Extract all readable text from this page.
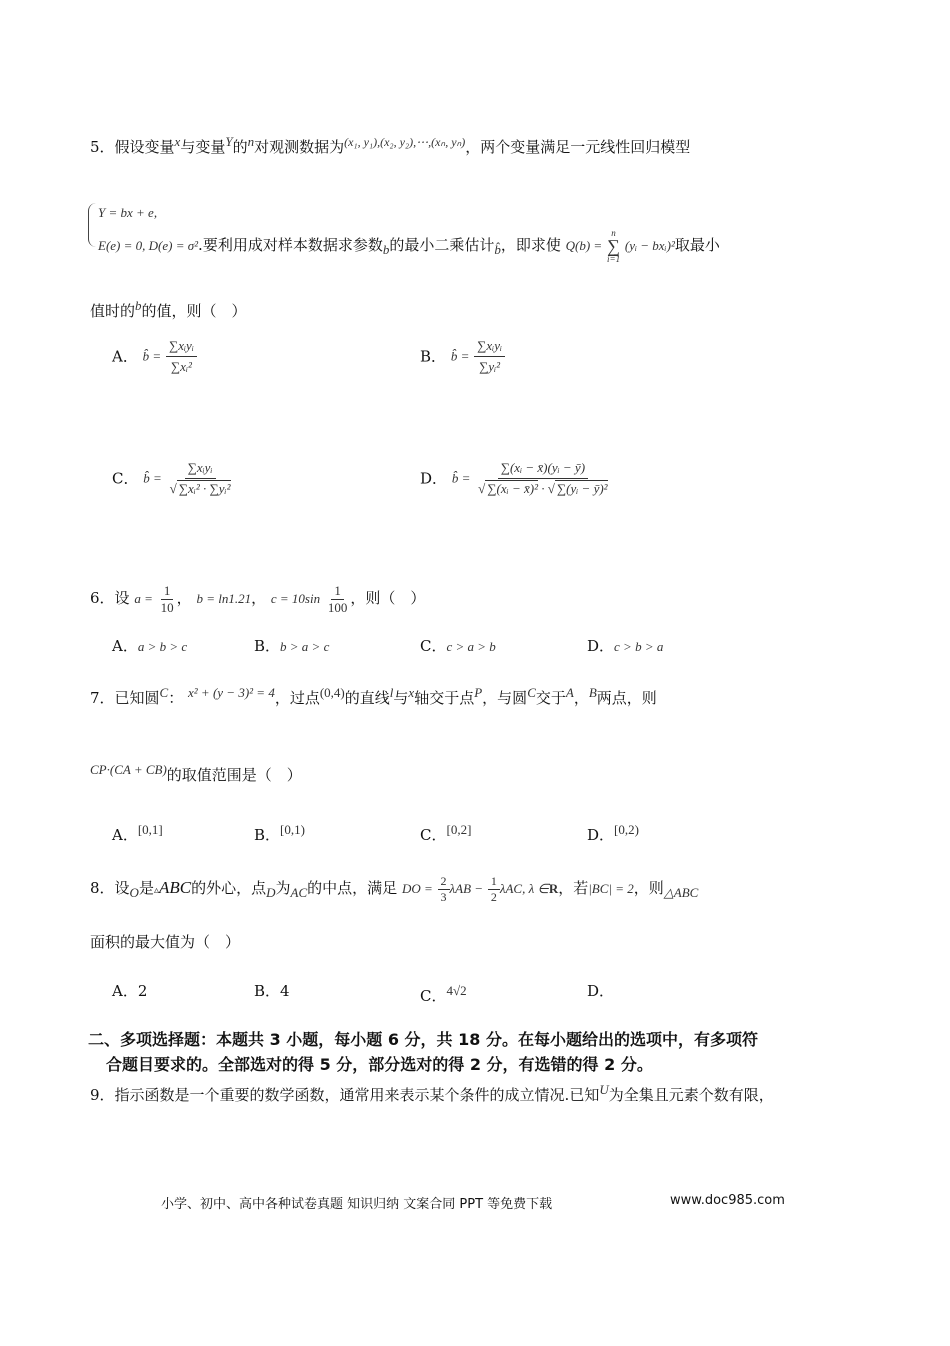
5．假设变量$^x$与变量$^Y$的$^n$对观测数据为$^{(x_1, y_1),(x_2, y_2),\cdots,(x_n, y_n)}$，两个变量满足一元线性回归模型
Y = bx + e,
E(e) = 0, D(e) = σ².要利用成对样本数据求参数$_b$的最小二乘估计$_{b̂}$，即求使 Q(b) =
n
∑
i=1
(yᵢ − bxᵢ)²取最小
值时的$^b$的值，则（　）
A． b̂ = $\frac{\text{∑xᵢyᵢ}}{\text{∑xᵢ²}}$	B． b̂ = $\frac{\text{∑xᵢyᵢ}}{\text{∑yᵢ²}}$
C． b̂ = $\frac{\text{∑xᵢyᵢ}}{\text{√ ∑xᵢ² · ∑yᵢ²}}$	D． b̂ = $\frac{\text{∑(xᵢ − x̄)(yᵢ − ȳ)}}{\text{√ ∑(xᵢ − x̄)² · √ ∑(yᵢ − ȳ)²}}$
6．设 $a = \frac{1}{10}$ ， b = ln1.21， $c = 10\sin \frac{1}{100}$ ，则（　）
A．a > b > c	B．b > a > c	C．c > a > b	D．c > b > a
7．已知圆$^C$： $^{x^2 + (y - 3)^2 = 4}$，过点$^{(0,4)}$的直线$^l$与$^x$轴交于点$^P$，与圆$^C$交于$^A$，$^B$两点，则
$^{CP\cdot(CA + CB)}$的取值范围是（　）
A．[0,1]	B．$^{[0,1)}$	C．[0,2]	D．$^{[0,2)}$
8．设$_O$是▵ABC的外心，点$_D$为$_{AC}$的中点，满足 DO = $\frac{2}{3}$ $\lambda AB - \frac{1}{2} \lambda AC$, λ ∈R，若|BC| = 2，则$_{\triangle ABC}$
面积的最大值为（　）
A．2	B．4	C．$^{4√2}$	D．
二、多项选择题：本题共 3 小题，每小题 6 分，共 18 分。在每小题给出的选项中，有多项符
合题目要求的。全部选对的得 5 分，部分选对的得 2 分，有选错的得 2 分。
9．指示函数是一个重要的数学函数，通常用来表示某个条件的成立情况.已知$^U$为全集且元素个数有限，
小学、初中、高中各种试卷真题 知识归纳 文案合同 PPT 等免费下载	www.doc985.com
